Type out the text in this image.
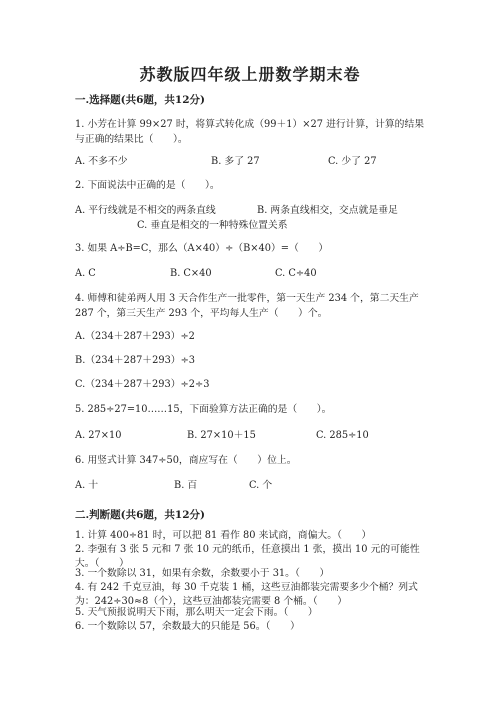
苏教版四年级上册数学期末卷
一.选择题(共6题，共12分)
1. 小芳在计算 99×27 时，将算式转化成（99＋1）×27 进行计算，计算的结果与正确的结果比（　　）。
A. 不多不少	B. 多了 27	C. 少了 27
2. 下面说法中正确的是（　　）。
A. 平行线就是不相交的两条直线	B. 两条直线相交，交点就是垂足
C. 垂直是相交的一种特殊位置关系
3. 如果 A÷B=C，那么（A×40）÷（B×40）=（　　）
A. C	B. C×40	C. C÷40
4. 师傅和徒弟两人用 3 天合作生产一批零件，第一天生产 234 个，第二天生产 287 个，第三天生产 293 个，平均每人生产（　　）个。
A.（234＋287＋293）÷2
B.（234＋287＋293）÷3
C.（234＋287＋293）÷2÷3
5. 285÷27=10……15，下面验算方法正确的是（　　）。
A. 27×10	B. 27×10＋15	C. 285÷10
6. 用竖式计算 347÷50，商应写在（　　）位上。
A. 十	B. 百	C. 个
二.判断题(共6题，共12分)
1. 计算 400÷81 时，可以把 81 看作 80 来试商，商偏大。（　　）
2. 李强有 3 张 5 元和 7 张 10 元的纸币，任意摸出 1 张，摸出 10 元的可能性大。（　　）
3. 一个数除以 31，如果有余数，余数要小于 31。（　　）
4. 有 242 千克豆油，每 30 千克装 1 桶，这些豆油都装完需要多少个桶？列式为：242÷30≈8（个），这些豆油都装完需要 8 个桶。（　　）
5. 天气预报说明天下雨，那么明天一定会下雨。（　　）
6. 一个数除以 57，余数最大的只能是 56。（　　）
